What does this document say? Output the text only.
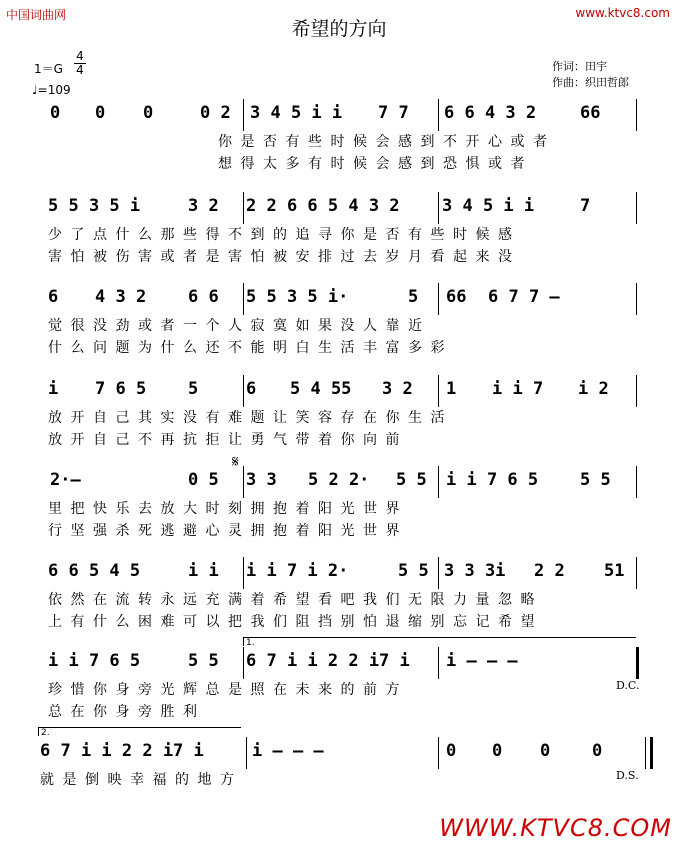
中国词曲网	www.ktvc8.com
希望的方向
1＝G
4
4
♩=109
作词：田宇
作曲：织田哲郎
0 0 0	0 2 3 4 5 i i 7 7 6 6 4 3 2	66
你 是 否 有 些 时 候 会 感 到 不 开 心 或 者
想 得 太 多 有 时 候 会 感 到 恐 惧 或 者
5 5 3 5 i	3 2 2 2 6 6 5 4 3 2 3 4 5 i i	7
少 了 点 什 么 那 些 得 不 到 的 追 寻 你 是 否 有 些 时 候 感
害 怕 被 伤 害 或 者 是 害 怕 被 安 排 过 去 岁 月 看 起 来 没
6 4 3 2 6 6 5 5 3 5 i·	5 66 6 7 7 –
觉 很 没 劲 或 者 一 个 人 寂 寞 如 果 没 人 靠 近
什 么 问 题 为 什 么 还 不 能 明 白 生 活 丰 富 多 彩
i 7 6 5 5	6 5 4 55 3 2 1 i i 7 i 2
放 开 自 己 其 实 没 有 难 题 让 笑 容 存 在 你 生 活
放 开 自 己 不 再 抗 拒 让 勇 气 带 着 你 向 前
2·–	0 5 3 3 5 2 2· 5 5 i i 7 6 5 5 5
里 把 快 乐 去 放 大 时 刻 拥 抱 着 阳 光 世 界
行 坚 强 杀 死 逃 避 心 灵 拥 抱 着 阳 光 世 界
𝄋
6 6 5 4 5	i i i i 7 i 2·	5 5 3 3 3i 2 2 51
依 然 在 流 转 永 远 充 满 着 希 望 看 吧 我 们 无 限 力 量 忽 略
上 有 什 么 困 难 可 以 把 我 们 阻 挡 别 怕 退 缩 别 忘 记 希 望
i i 7 6 5	5 5 6 7 i i 2 2 i7 i i – – –
珍 惜 你 身 旁 光 辉 总 是 照 在 未 来 的 前 方
总 在 你 身 旁 胜 利
D.C.
1.
6 7 i i 2 2 i7 i	i – – –	0 0 0 0
就 是 倒 映 幸 福 的 地 方	D.S.
2.
WWW.KTVC8.COM
